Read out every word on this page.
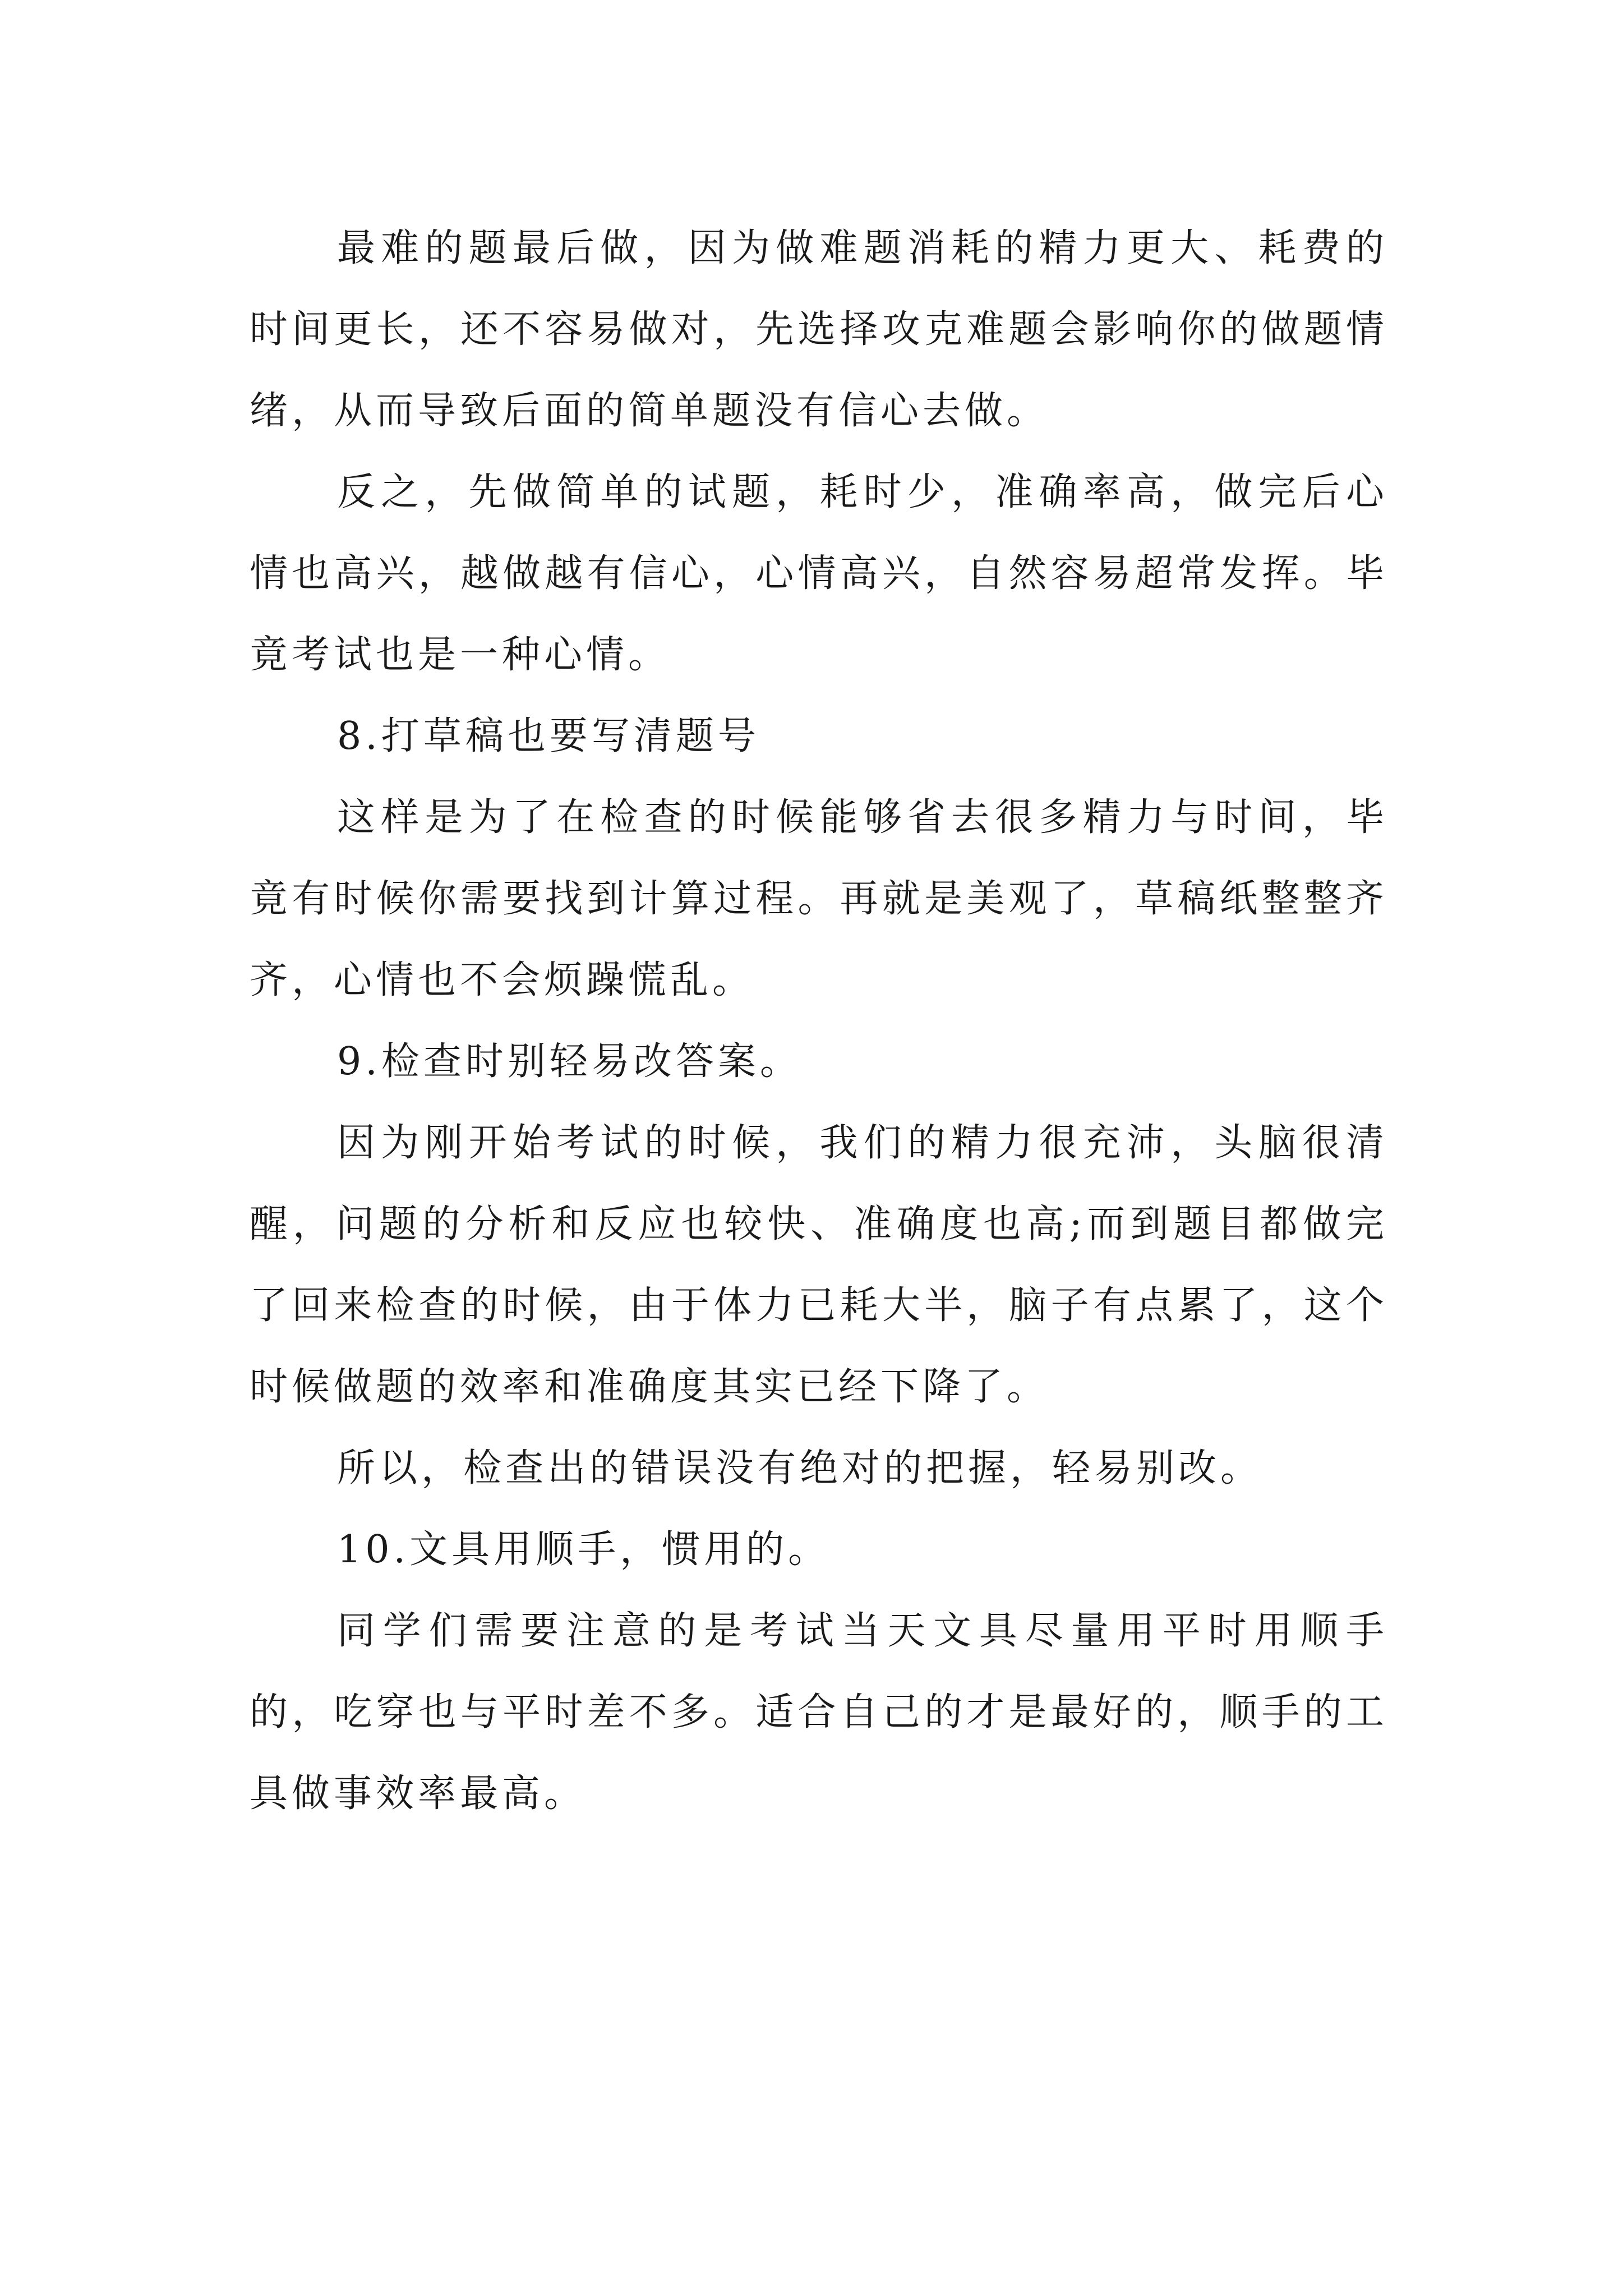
最难的题最后做，因为做难题消耗的精力更大、耗费的时间更长，还不容易做对，先选择攻克难题会影响你的做题情绪，从而导致后面的简单题没有信心去做。

反之，先做简单的试题，耗时少，准确率高，做完后心情也高兴，越做越有信心，心情高兴，自然容易超常发挥。毕竟考试也是一种心情。

8.打草稿也要写清题号

这样是为了在检查的时候能够省去很多精力与时间，毕竟有时候你需要找到计算过程。再就是美观了，草稿纸整整齐齐，心情也不会烦躁慌乱。

9.检查时别轻易改答案。

因为刚开始考试的时候，我们的精力很充沛，头脑很清醒，问题的分析和反应也较快、准确度也高;而到题目都做完了回来检查的时候，由于体力已耗大半，脑子有点累了，这个时候做题的效率和准确度其实已经下降了。

所以，检查出的错误没有绝对的把握，轻易别改。

10.文具用顺手，惯用的。

同学们需要注意的是考试当天文具尽量用平时用顺手的，吃穿也与平时差不多。适合自己的才是最好的，顺手的工具做事效率最高。
